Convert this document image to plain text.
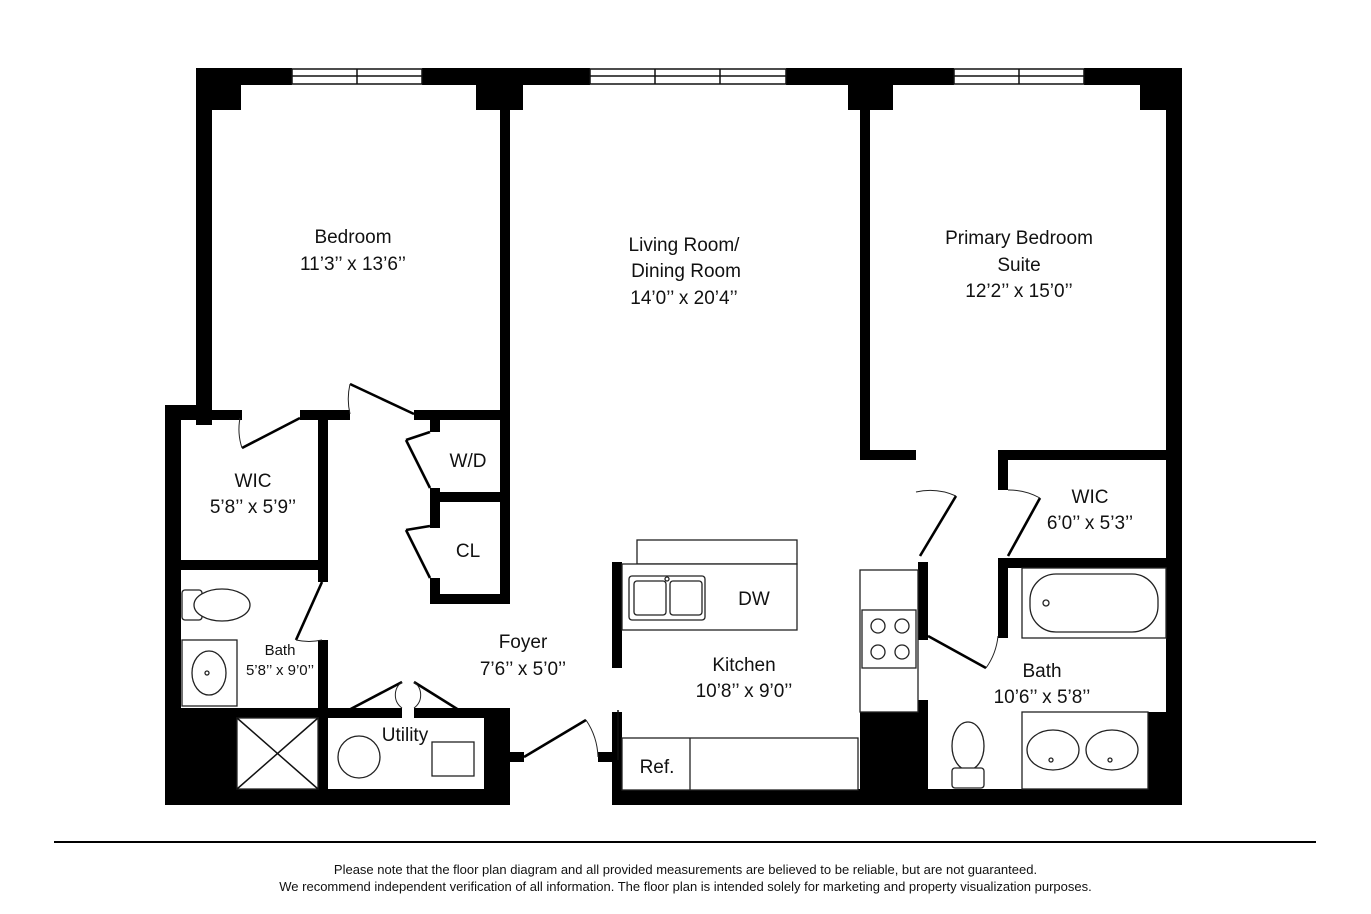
Bedroom
11’3’’ x 13’6’’
Living Room/
Dining Room
14’0’’ x 20’4’’
Primary Bedroom
Suite
12’2’’ x 15’0’’
WIC
5’8’’ x 5’9’’
W/D
CL
WIC
6’0’’ x 5’3’’
Bath
5’8’’ x 9’0’’
Foyer
7’6’’ x 5’0’’	Kitchen
10’8’’ x 9’0’’
Bath
10’6’’ x 5’8’’
Utility
DW
Ref.
Please note that the floor plan diagram and all provided measurements are believed to be reliable, but are not guaranteed.
We recommend independent verification of all information. The floor plan is intended solely for marketing and property visualization purposes.
